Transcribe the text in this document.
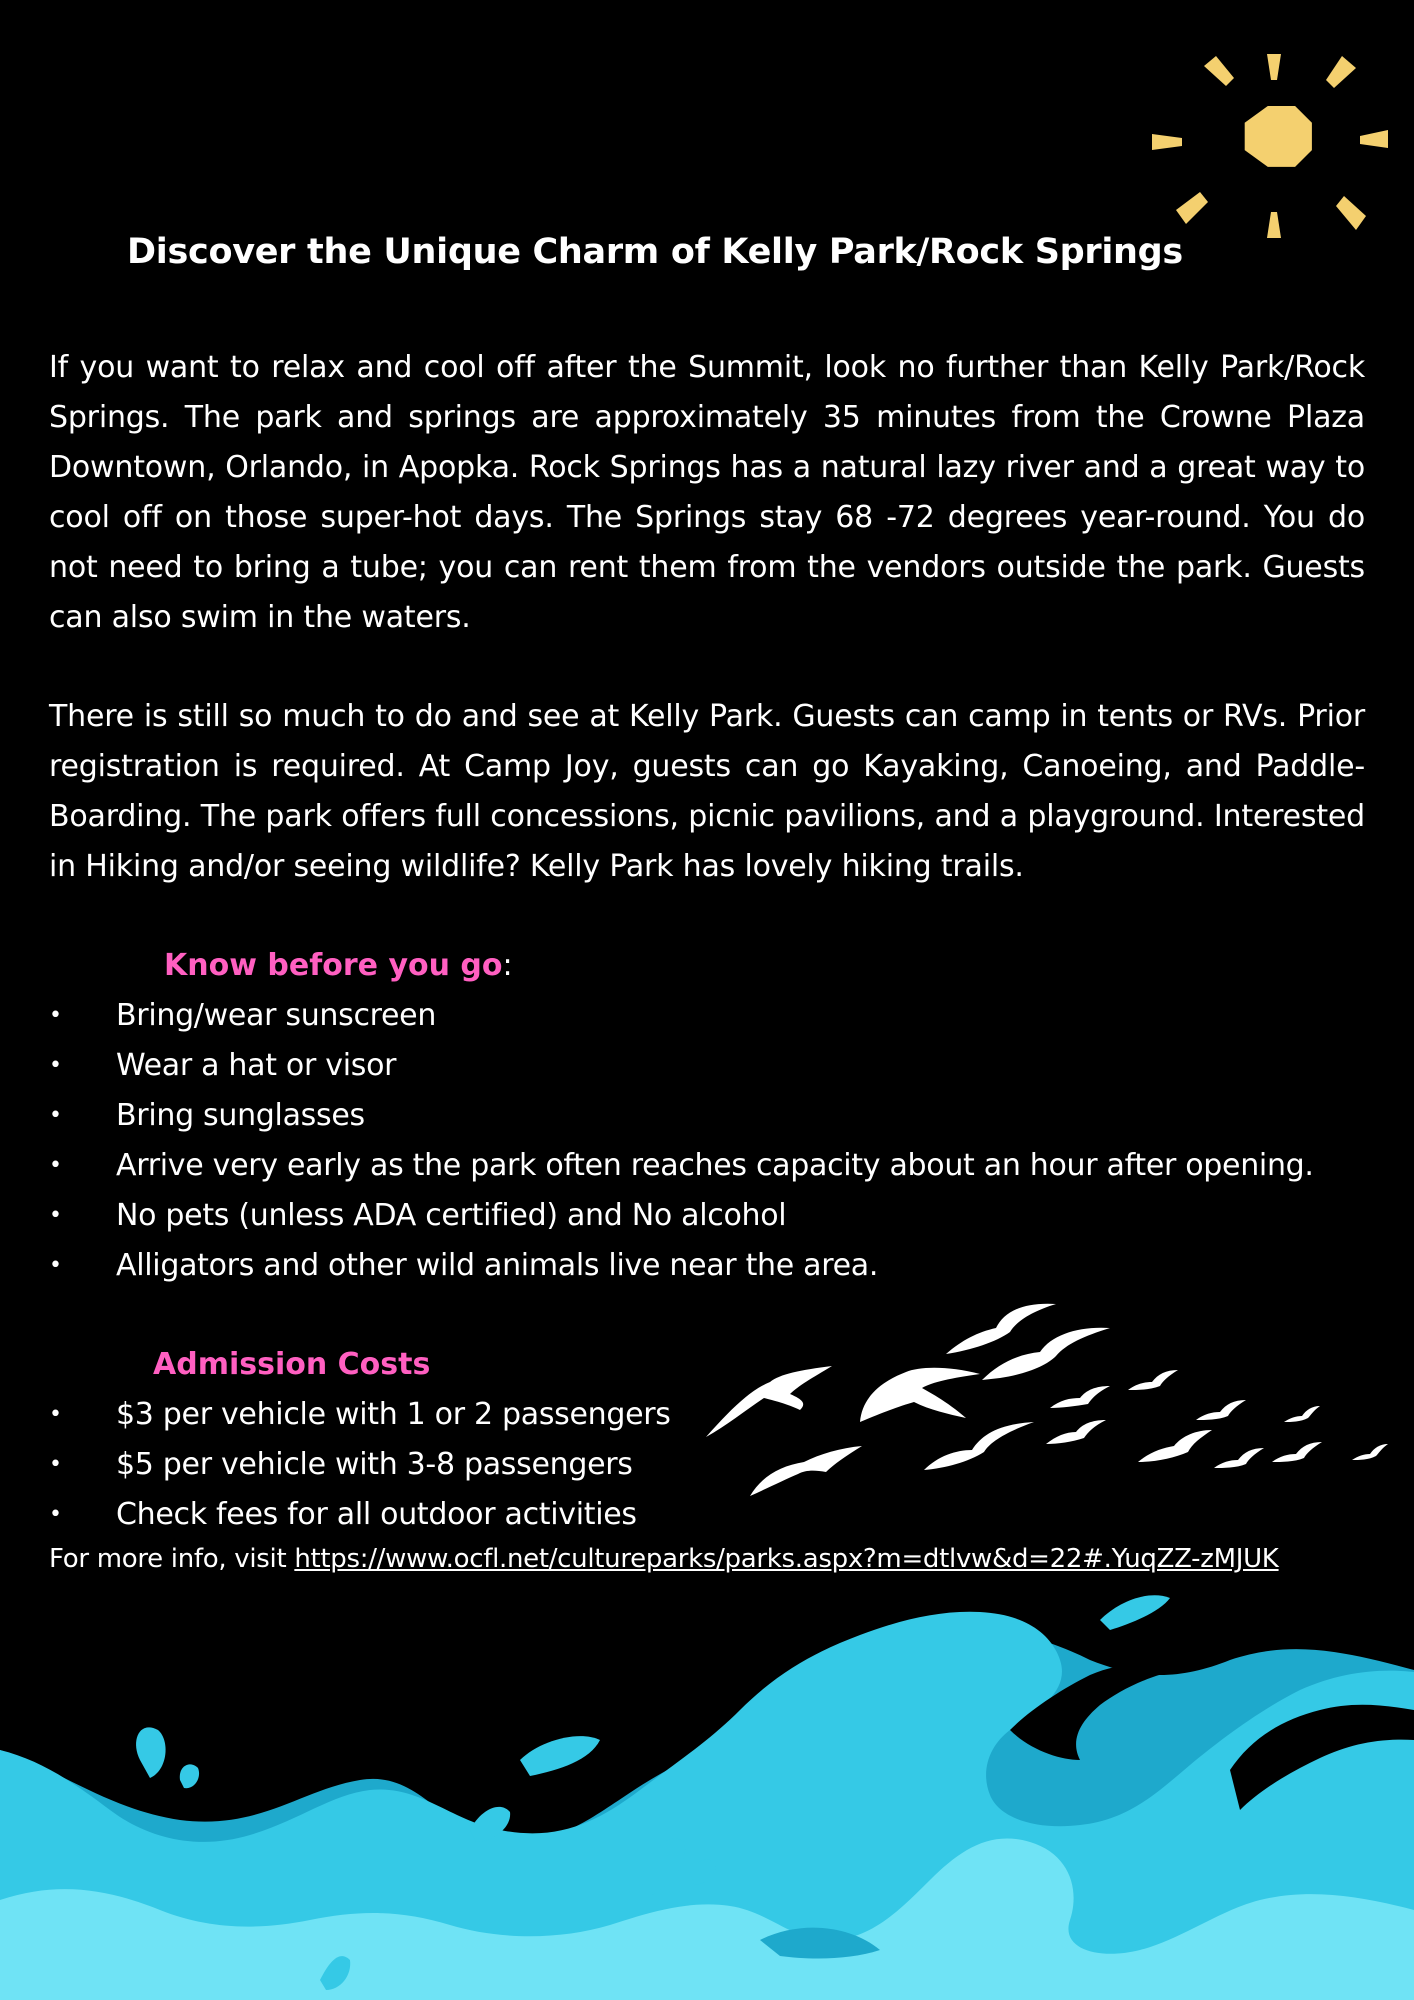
Discover the Unique Charm of Kelly Park/Rock Springs

If you want to relax and cool off after the Summit, look no further than Kelly Park/Rock Springs. The park and springs are approximately 35 minutes from the Crowne Plaza Downtown, Orlando, in Apopka. Rock Springs has a natural lazy river and a great way to cool off on those super-hot days. The Springs stay 68 -72 degrees year-round. You do not need to bring a tube; you can rent them from the vendors outside the park. Guests can also swim in the waters.

There is still so much to do and see at Kelly Park. Guests can camp in tents or RVs. Prior registration is required. At Camp Joy, guests can go Kayaking, Canoeing, and Paddle-Boarding. The park offers full concessions, picnic pavilions, and a playground. Interested in Hiking and/or seeing wildlife? Kelly Park has lovely hiking trails.

Know before you go:

• Bring/wear sunscreen
• Wear a hat or visor
• Bring sunglasses
• Arrive very early as the park often reaches capacity about an hour after opening.
• No pets (unless ADA certified) and No alcohol
• Alligators and other wild animals live near the area.

Admission Costs

• $3 per vehicle with 1 or 2 passengers
• $5 per vehicle with 3-8 passengers
• Check fees for all outdoor activities

For more info, visit https://www.ocfl.net/cultureparks/parks.aspx?m=dtlvw&d=22#.YuqZZ-zMJUK
